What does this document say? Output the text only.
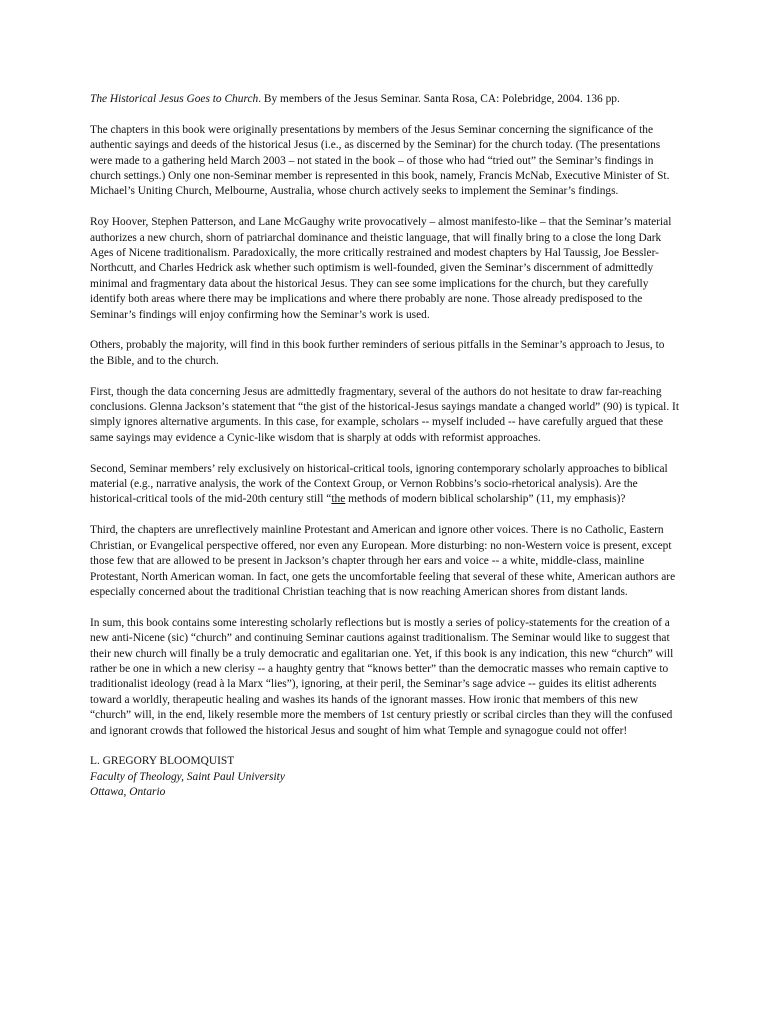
The Historical Jesus Goes to Church. By members of the Jesus Seminar. Santa Rosa, CA: Polebridge, 2004. 136 pp.

The chapters in this book were originally presentations by members of the Jesus Seminar concerning the significance of the authentic sayings and deeds of the historical Jesus (i.e., as discerned by the Seminar) for the church today. (The presentations were made to a gathering held March 2003 – not stated in the book – of those who had “tried out” the Seminar’s findings in church settings.) Only one non-Seminar member is represented in this book, namely, Francis McNab, Executive Minister of St. Michael’s Uniting Church, Melbourne, Australia, whose church actively seeks to implement the Seminar’s findings.

Roy Hoover, Stephen Patterson, and Lane McGaughy write provocatively – almost manifesto-like – that the Seminar’s material authorizes a new church, shorn of patriarchal dominance and theistic language, that will finally bring to a close the long Dark Ages of Nicene traditionalism. Paradoxically, the more critically restrained and modest chapters by Hal Taussig, Joe Bessler-Northcutt, and Charles Hedrick ask whether such optimism is well-founded, given the Seminar’s discernment of admittedly minimal and fragmentary data about the historical Jesus. They can see some implications for the church, but they carefully identify both areas where there may be implications and where there probably are none. Those already predisposed to the Seminar’s findings will enjoy confirming how the Seminar’s work is used.

Others, probably the majority, will find in this book further reminders of serious pitfalls in the Seminar’s approach to Jesus, to the Bible, and to the church.

First, though the data concerning Jesus are admittedly fragmentary, several of the authors do not hesitate to draw far-reaching conclusions. Glenna Jackson’s statement that “the gist of the historical-Jesus sayings mandate a changed world” (90) is typical. It simply ignores alternative arguments. In this case, for example, scholars -- myself included -- have carefully argued that these same sayings may evidence a Cynic-like wisdom that is sharply at odds with reformist approaches.

Second, Seminar members’ rely exclusively on historical-critical tools, ignoring contemporary scholarly approaches to biblical material (e.g., narrative analysis, the work of the Context Group, or Vernon Robbins’s socio-rhetorical analysis). Are the historical-critical tools of the mid-20th century still “the methods of modern biblical scholarship” (11, my emphasis)?

Third, the chapters are unreflectively mainline Protestant and American and ignore other voices. There is no Catholic, Eastern Christian, or Evangelical perspective offered, nor even any European. More disturbing: no non-Western voice is present, except those few that are allowed to be present in Jackson’s chapter through her ears and voice -- a white, middle-class, mainline Protestant, North American woman. In fact, one gets the uncomfortable feeling that several of these white, American authors are especially concerned about the traditional Christian teaching that is now reaching American shores from distant lands.

In sum, this book contains some interesting scholarly reflections but is mostly a series of policy-statements for the creation of a new anti-Nicene (sic) “church” and continuing Seminar cautions against traditionalism. The Seminar would like to suggest that their new church will finally be a truly democratic and egalitarian one. Yet, if this book is any indication, this new “church” will rather be one in which a new clerisy -- a haughty gentry that “knows better” than the democratic masses who remain captive to traditionalist ideology (read à la Marx “lies”), ignoring, at their peril, the Seminar’s sage advice -- guides its elitist adherents toward a worldly, therapeutic healing and washes its hands of the ignorant masses. How ironic that members of this new “church” will, in the end, likely resemble more the members of 1st century priestly or scribal circles than they will the confused and ignorant crowds that followed the historical Jesus and sought of him what Temple and synagogue could not offer!

L. GREGORY BLOOMQUIST
Faculty of Theology, Saint Paul University
Ottawa, Ontario
